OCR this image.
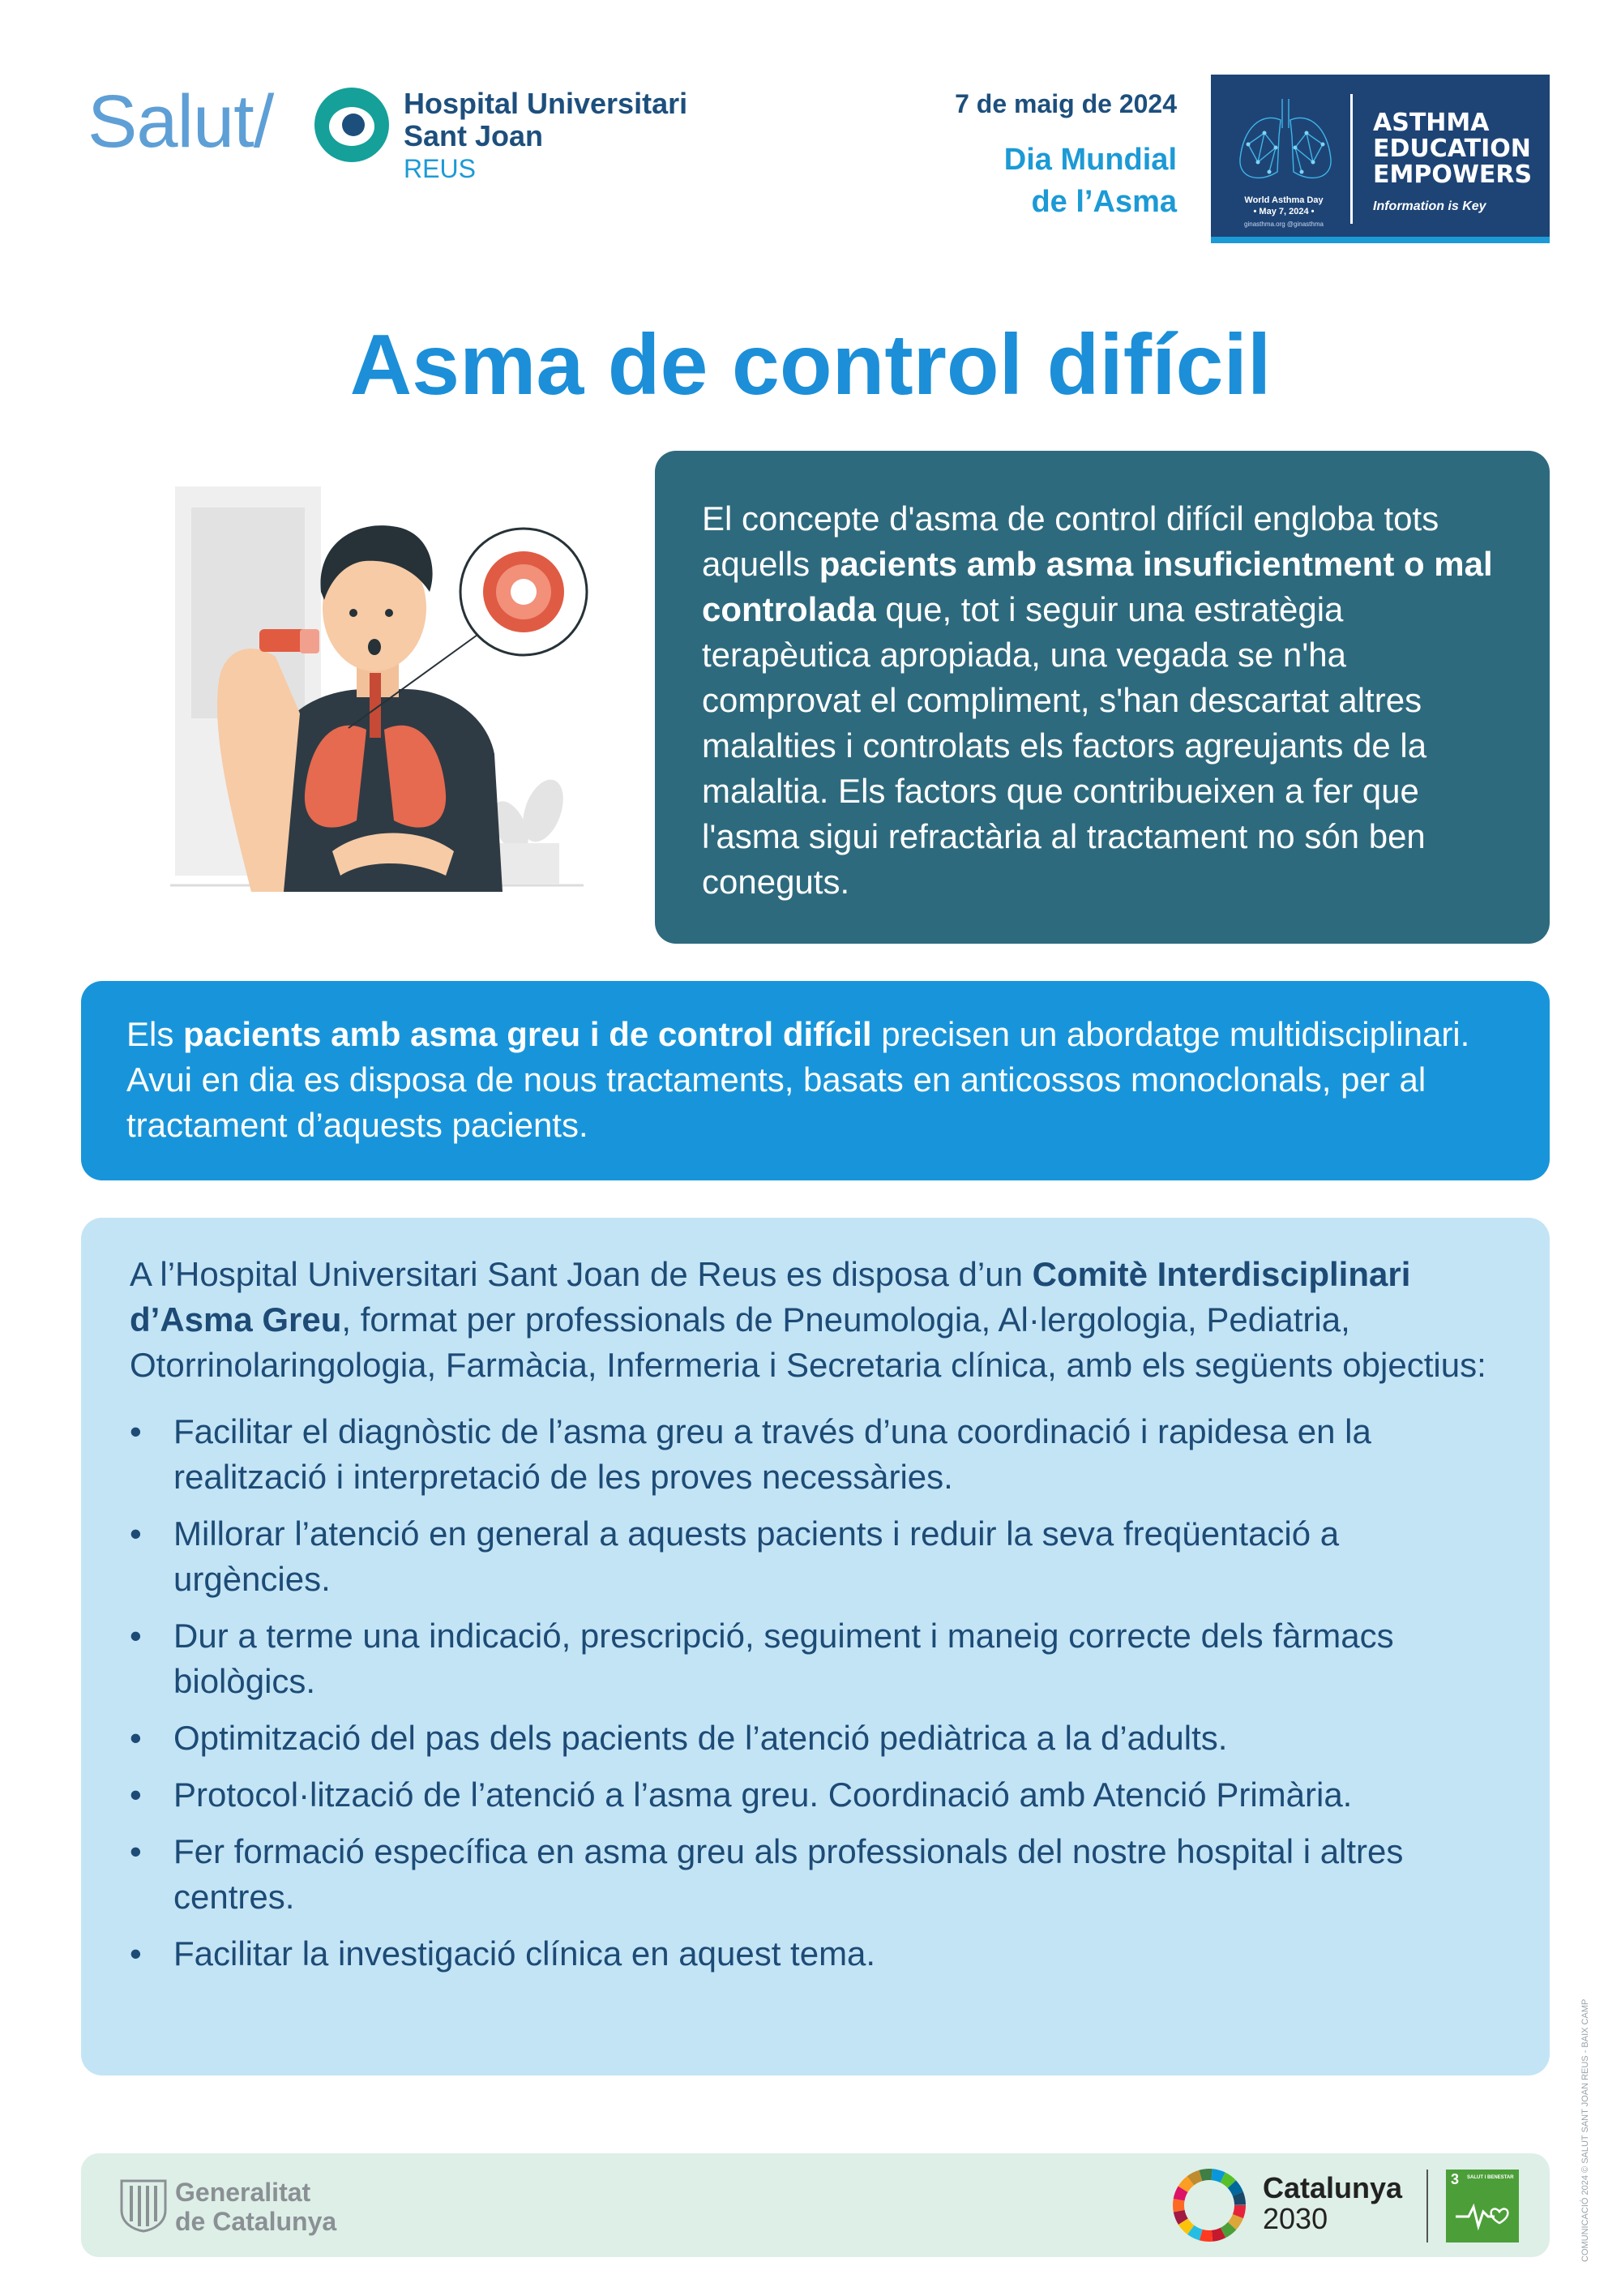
Salut/	Hospital Universitari
Sant Joan
REUS
7 de maig de 2024
Dia Mundial
de l’Asma	World Asthma Day
• May 7, 2024 •
ginasthma.org @ginasthma
ASTHMA
EDUCATION
EMPOWERS
Information is Key
Asma de control difícil
El concepte d'asma de control difícil engloba tots aquells pacients amb asma insuficientment o mal controlada que, tot i seguir una estratègia terapèutica apropiada, una vegada se n'ha comprovat el compliment, s'han descartat altres malalties i controlats els factors agreujants de la malaltia. Els factors que contribueixen a fer que l'asma sigui refractària al tractament no són ben coneguts.
Els pacients amb asma greu i de control difícil precisen un abordatge multidisciplinari. Avui en dia es disposa de nous tractaments, basats en anticossos monoclonals, per al tractament d’aquests pacients.
A l’Hospital Universitari Sant Joan de Reus es disposa d’un Comitè Interdisciplinari d’Asma Greu, format per professionals de Pneumologia, Al·lergologia, Pediatria, Otorrinolaringologia, Farmàcia, Infermeria i Secretaria clínica, amb els següents objectius:
• Facilitar el diagnòstic de l’asma greu a través d’una coordinació i rapidesa en la realització i interpretació de les proves necessàries.
• Millorar l’atenció en general a aquests pacients i reduir la seva freqüentació a urgències.
• Dur a terme una indicació, prescripció, seguiment i maneig correcte dels fàrmacs biològics.
• Optimització del pas dels pacients de l’atenció pediàtrica a la d’adults.
• Protocol·lització de l’atenció a l’asma greu. Coordinació amb Atenció Primària.
• Fer formació específica en asma greu als professionals del nostre hospital i altres centres.
• Facilitar la investigació clínica en aquest tema.
COMUNICACIÓ 2024 © SALUT SANT JOAN REUS - BAIX CAMP
Generalitat
de Catalunya
Catalunya
2030
3 SALUT I BENESTAR
